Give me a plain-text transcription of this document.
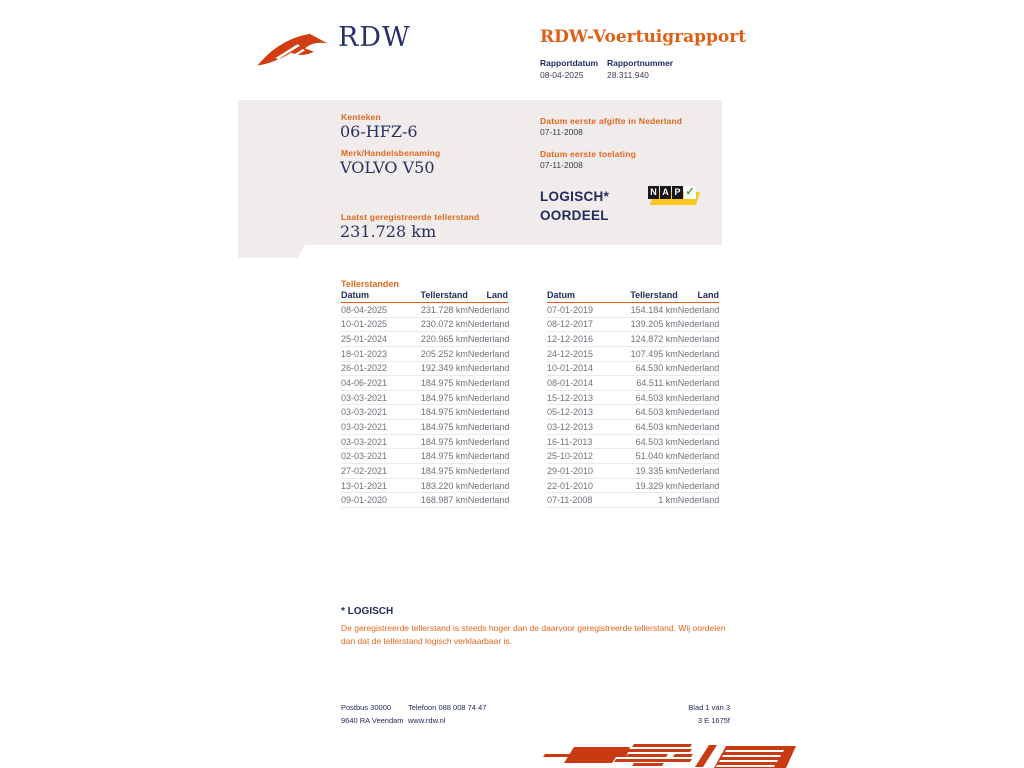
RDW	RDW-Voertuigrapport
Rapportdatum Rapportnummer
08-04-2025	28.311.940
Kenteken
06-HFZ-6
Merk/Handelsbenaming
VOLVO V50
Laatst geregistreerde tellerstand
231.728 km
Datum eerste afgifte in Nederland
07-11-2008
Datum eerste toelating
07-11-2008
LOGISCH*
OORDEEL
N A P ✓
Tellerstanden
Datum	Tellerstand	Land
08-04-2025	231.728 km Nederland
10-01-2025	230.072 km Nederland
25-01-2024	220.965 km Nederland
18-01-2023	205.252 km Nederland
26-01-2022	192.349 km Nederland
04-06-2021	184.975 km Nederland
03-03-2021	184.975 km Nederland
03-03-2021	184.975 km Nederland
03-03-2021	184.975 km Nederland
03-03-2021	184.975 km Nederland
02-03-2021	184.975 km Nederland
27-02-2021	184.975 km Nederland
13-01-2021	183.220 km Nederland
09-01-2020	168.987 km Nederland
Datum	Tellerstand	Land
07-01-2019	154.184 km Nederland
08-12-2017	139.205 km Nederland
12-12-2016	124.872 km Nederland
24-12-2015	107.495 km Nederland
10-01-2014	64.530 km Nederland
08-01-2014	64.511 km Nederland
15-12-2013	64.503 km Nederland
05-12-2013	64.503 km Nederland
03-12-2013	64.503 km Nederland
16-11-2013	64.503 km Nederland
25-10-2012	51.040 km Nederland
29-01-2010	19.335 km Nederland
22-01-2010	19.329 km Nederland
07-11-2008	1 km Nederland
* LOGISCH
De geregistreerde tellerstand is steeds hoger dan de daarvoor geregistreerde tellerstand. Wij oordelen dan dat de tellerstand logisch verklaarbaar is.
Postbus 30000
9640 RA Veendam
Telefoon 088 008 74 47
www.rdw.nl
Blad 1 van 3
3 E 1675f
